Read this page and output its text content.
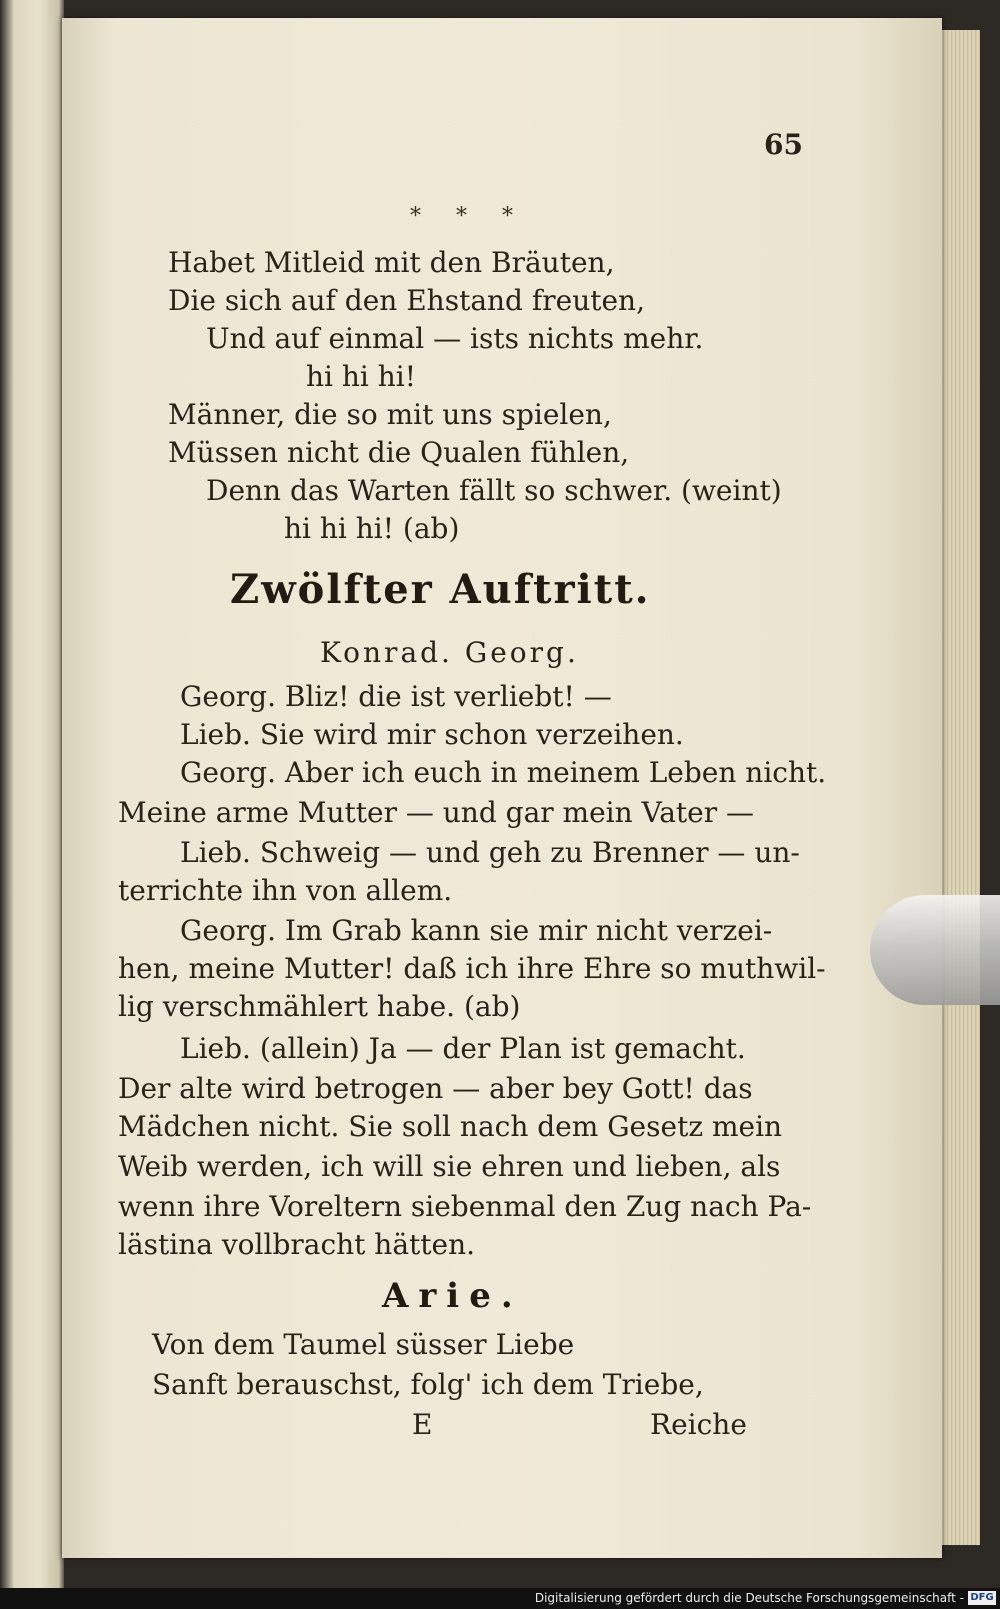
65
* * *
Habet Mitleid mit den Bräuten,
Die sich auf den Ehstand freuten,
Und auf einmal — ists nichts mehr.
hi hi hi!
Männer, die so mit uns spielen,
Müssen nicht die Qualen fühlen,
Denn das Warten fällt so schwer. (weint)
hi hi hi! (ab)
Zwölfter Auftritt.
Konrad. Georg.
Georg. Bliz! die ist verliebt! —
Lieb. Sie wird mir schon verzeihen.
Georg. Aber ich euch in meinem Leben nicht.
Meine arme Mutter — und gar mein Vater —
Lieb. Schweig — und geh zu Brenner — un-
terrichte ihn von allem.
Georg. Im Grab kann sie mir nicht verzei-
hen, meine Mutter! daß ich ihre Ehre so muthwil-
lig verschmählert habe. (ab)
Lieb. (allein) Ja — der Plan ist gemacht.
Der alte wird betrogen — aber bey Gott! das
Mädchen nicht. Sie soll nach dem Gesetz mein
Weib werden, ich will sie ehren und lieben, als
wenn ihre Voreltern siebenmal den Zug nach Pa-
lästina vollbracht hätten.
Arie.
Von dem Taumel süsser Liebe
Sanft berauschst, folg' ich dem Triebe,
E	Reiche
Digitalisierung gefördert durch die Deutsche Forschungsgemeinschaft - DFG
